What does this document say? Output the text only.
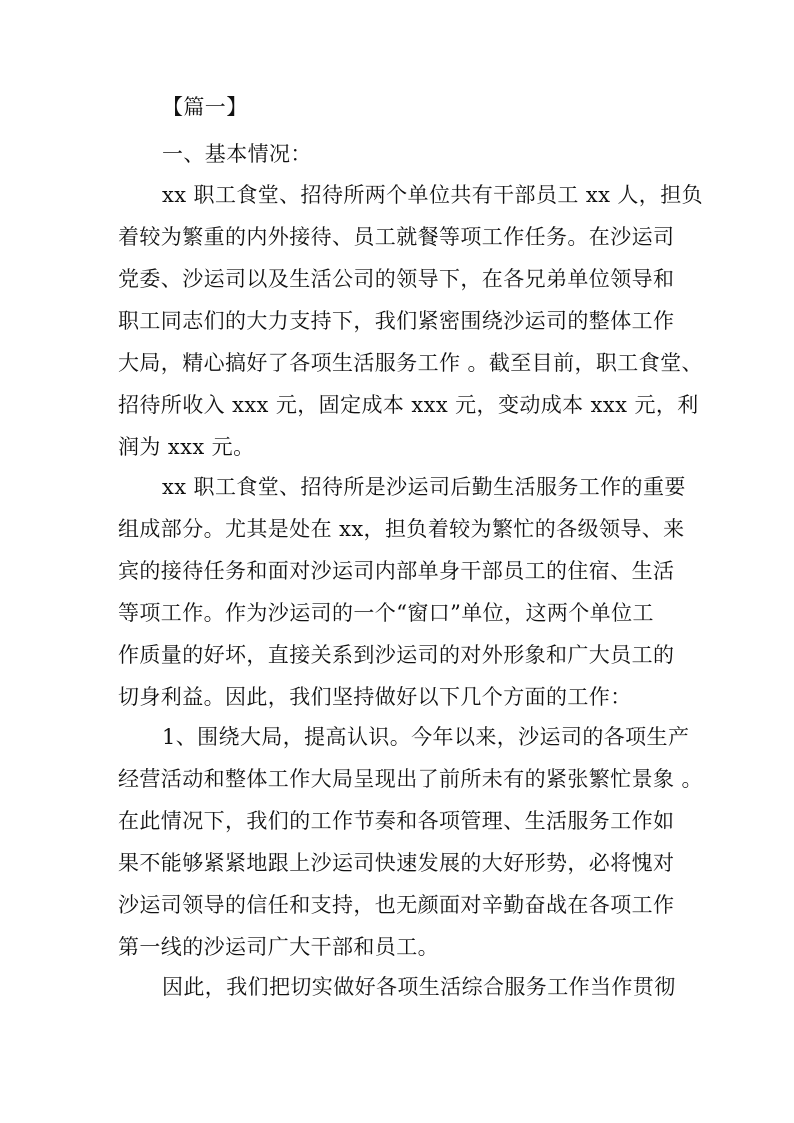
【篇一】
一、基本情况：
xx 职工食堂、招待所两个单位共有干部员工 xx 人，担负
着较为繁重的内外接待、员工就餐等项工作任务。在沙运司
党委、沙运司以及生活公司的领导下，在各兄弟单位领导和
职工同志们的大力支持下，我们紧密围绕沙运司的整体工作
大局，精心搞好了各项生活服务工作 。截至目前，职工食堂、
招待所收入 xxx 元，固定成本 xxx 元，变动成本 xxx 元，利
润为 xxx 元。
xx 职工食堂、招待所是沙运司后勤生活服务工作的重要
组成部分。尤其是处在 xx，担负着较为繁忙的各级领导、来
宾的接待任务和面对沙运司内部单身干部员工的住宿、生活
等项工作。作为沙运司的一个“窗口”单位，这两个单位工
作质量的好坏，直接关系到沙运司的对外形象和广大员工的
切身利益。因此，我们坚持做好以下几个方面的工作：
1、围绕大局，提高认识。今年以来，沙运司的各项生产
经营活动和整体工作大局呈现出了前所未有的紧张繁忙景象 。
在此情况下，我们的工作节奏和各项管理、生活服务工作如
果不能够紧紧地跟上沙运司快速发展的大好形势，必将愧对
沙运司领导的信任和支持，也无颜面对辛勤奋战在各项工作
第一线的沙运司广大干部和员工。
因此，我们把切实做好各项生活综合服务工作当作贯彻
